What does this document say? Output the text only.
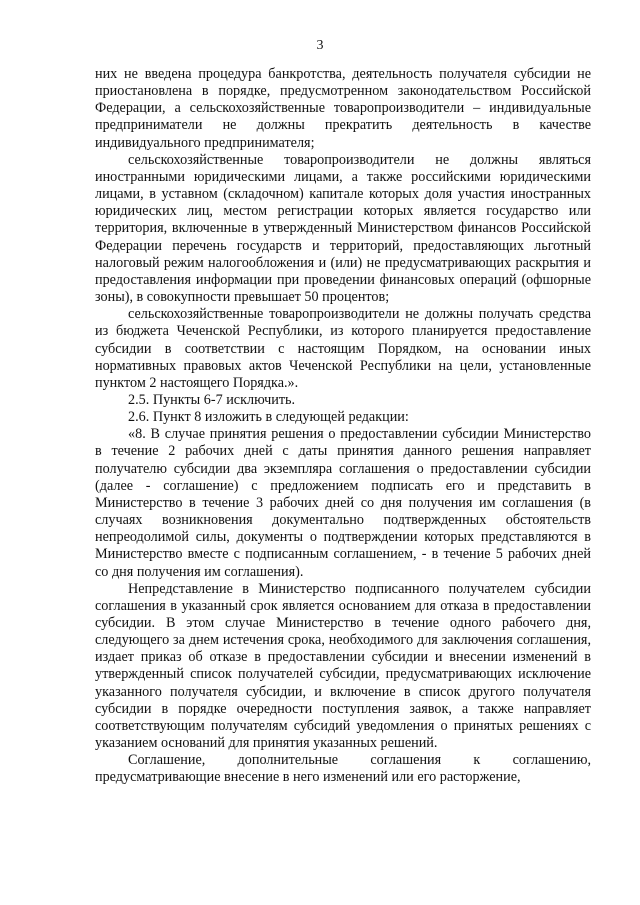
3

них не введена процедура банкротства, деятельность получателя субсидии не приостановлена в порядке, предусмотренном законодательством Российской Федерации, а сельскохозяйственные товаропроизводители – индивидуальные предприниматели не должны прекратить деятельность в качестве индивидуального предпринимателя;

сельскохозяйственные товаропроизводители не должны являться иностранными юридическими лицами, а также российскими юридическими лицами, в уставном (складочном) капитале которых доля участия иностранных юридических лиц, местом регистрации которых является государство или территория, включенные в утвержденный Министерством финансов Российской Федерации перечень государств и территорий, предоставляющих льготный налоговый режим налогообложения и (или) не предусматривающих раскрытия и предоставления информации при проведении финансовых операций (офшорные зоны), в совокупности превышает 50 процентов;

сельскохозяйственные товаропроизводители не должны получать средства из бюджета Чеченской Республики, из которого планируется предоставление субсидии в соответствии с настоящим Порядком, на основании иных нормативных правовых актов Чеченской Республики на цели, установленные пунктом 2 настоящего Порядка.».

2.5. Пункты 6-7 исключить.

2.6. Пункт 8 изложить в следующей редакции:

«8. В случае принятия решения о предоставлении субсидии Министерство в течение 2 рабочих дней с даты принятия данного решения направляет получателю субсидии два экземпляра соглашения о предоставлении субсидии (далее - соглашение) с предложением подписать его и представить в Министерство в течение 3 рабочих дней со дня получения им соглашения (в случаях возникновения документально подтвержденных обстоятельств непреодолимой силы, документы о подтверждении которых представляются в Министерство вместе с подписанным соглашением, - в течение 5 рабочих дней со дня получения им соглашения).

Непредставление в Министерство подписанного получателем субсидии соглашения в указанный срок является основанием для отказа в предоставлении субсидии. В этом случае Министерство в течение одного рабочего дня, следующего за днем истечения срока, необходимого для заключения соглашения, издает приказ об отказе в предоставлении субсидии и внесении изменений в утвержденный список получателей субсидии, предусматривающих исключение указанного получателя субсидии, и включение в список другого получателя субсидии в порядке очередности поступления заявок, а также направляет соответствующим получателям субсидий уведомления о принятых решениях с указанием оснований для принятия указанных решений.

Соглашение, дополнительные соглашения к соглашению, предусматривающие внесение в него изменений или его расторжение,
